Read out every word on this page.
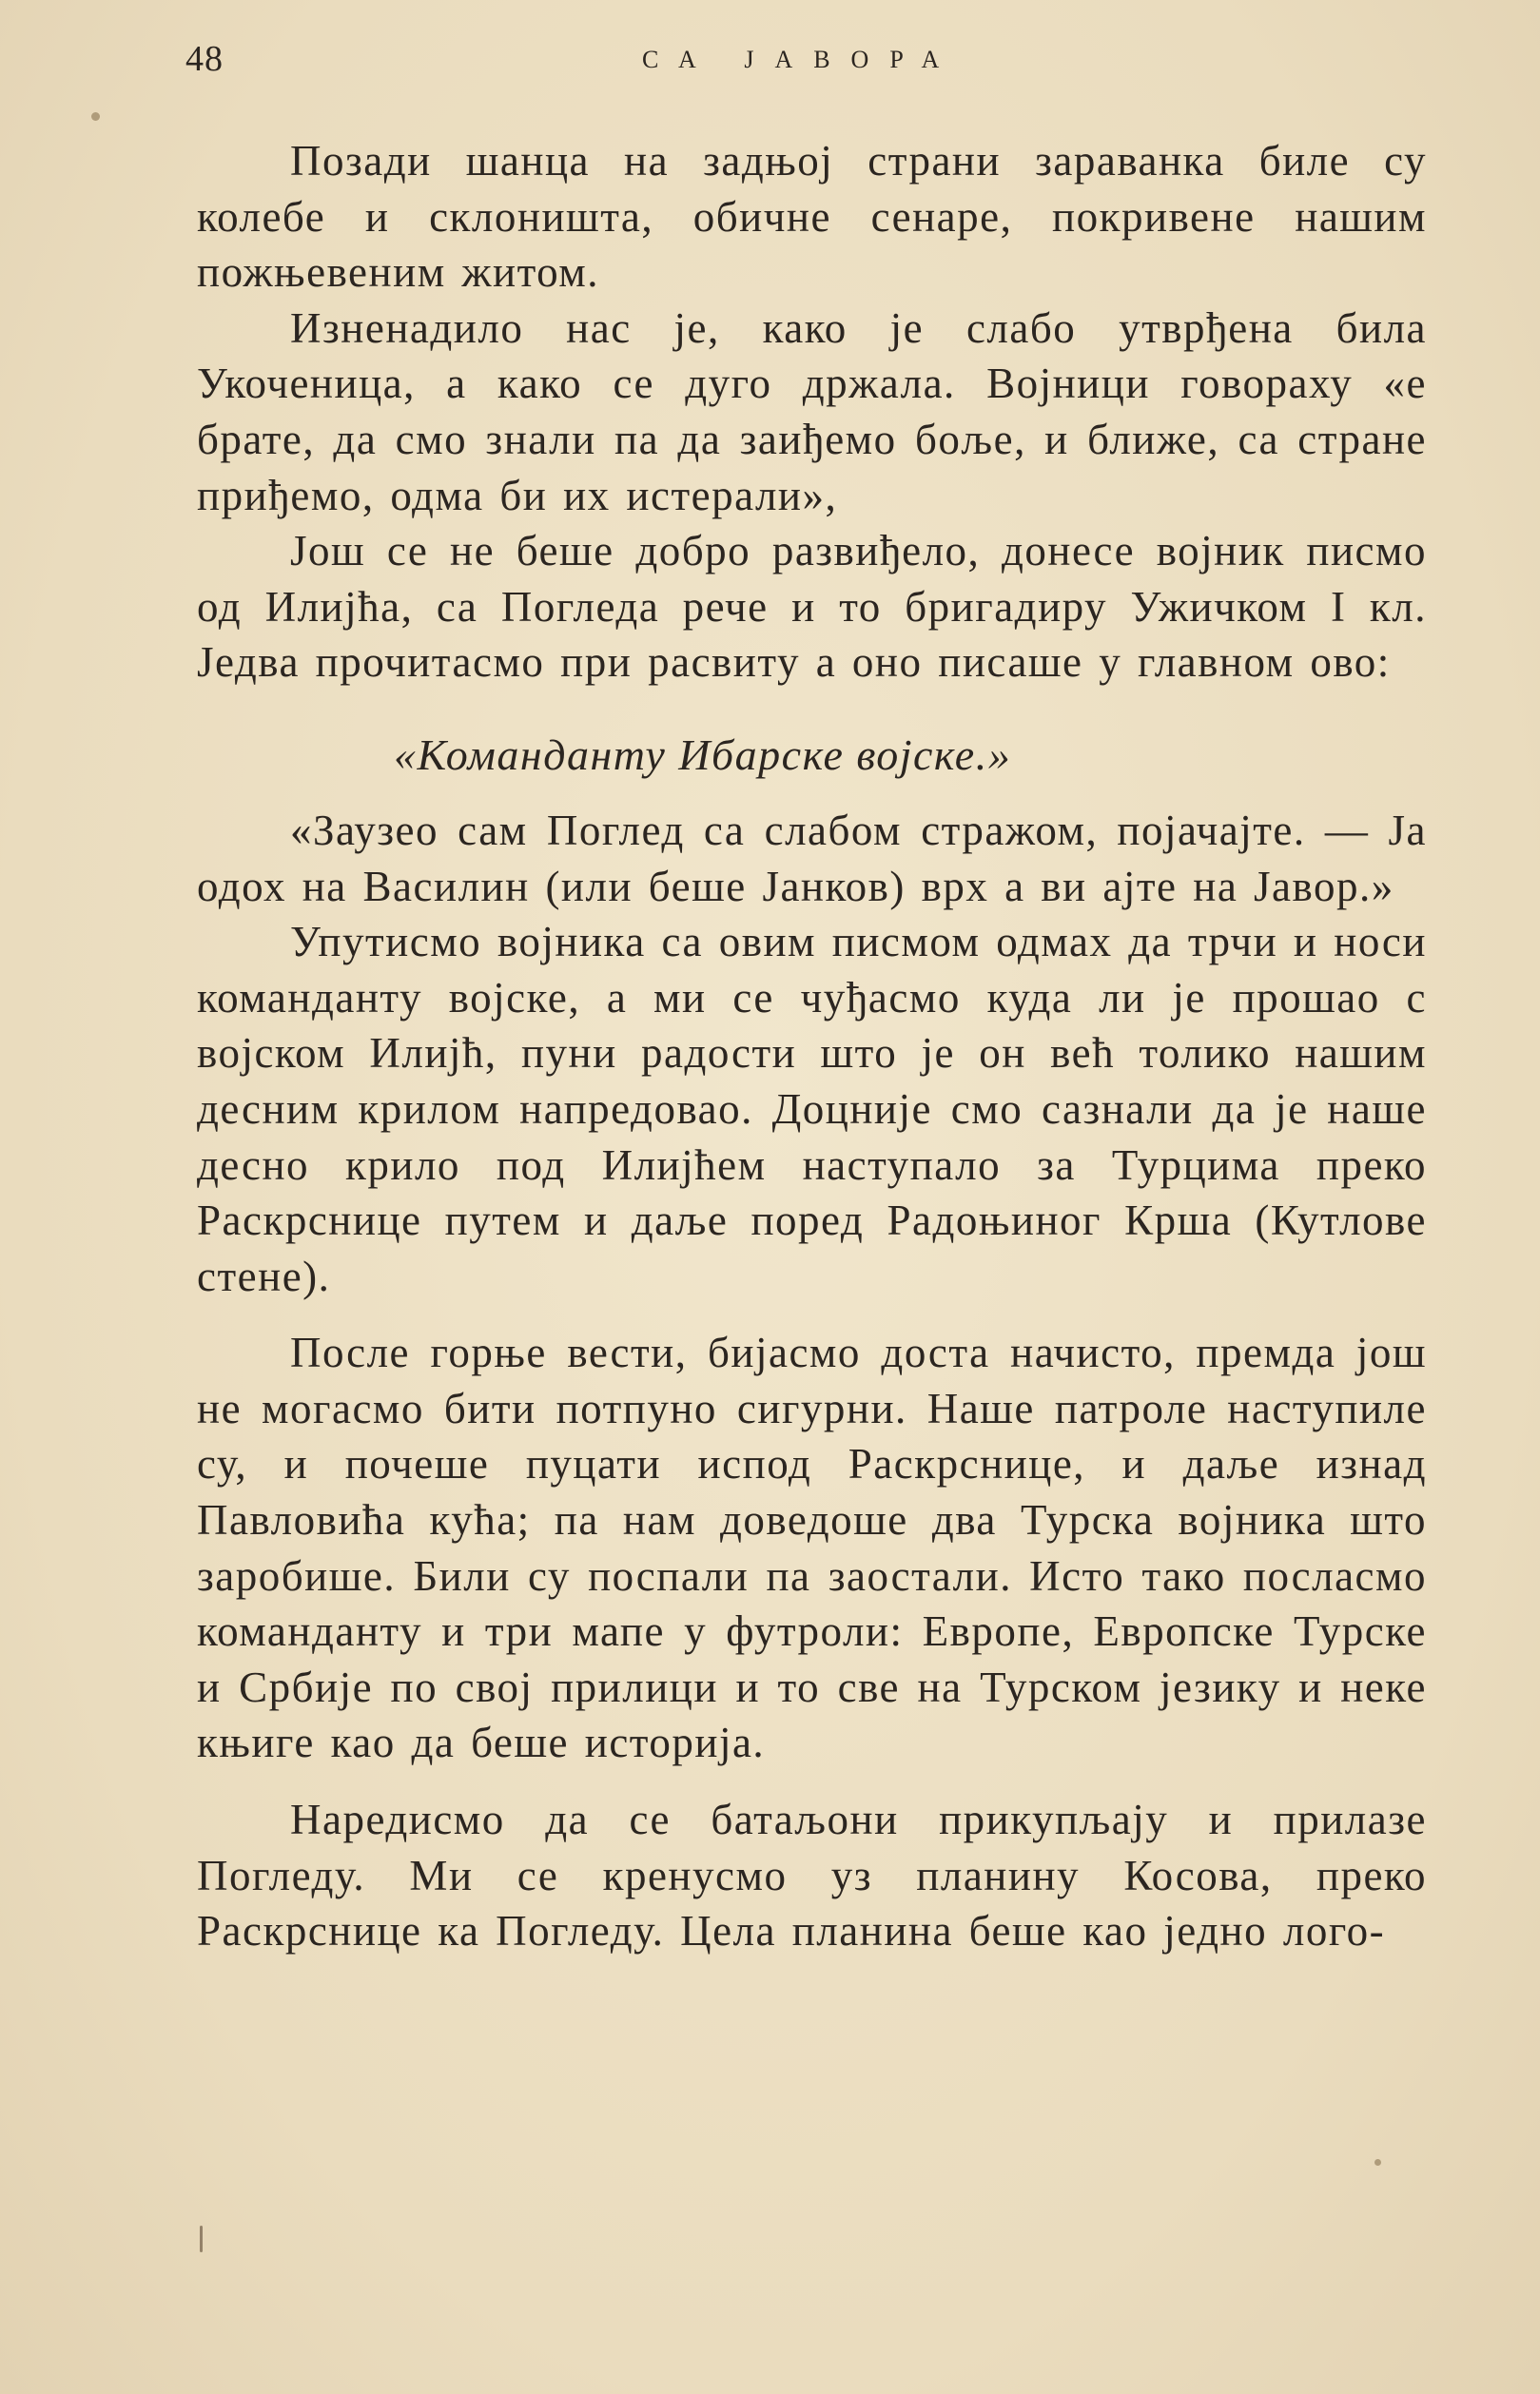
48	СА ЈАВОРА

Позади шанца на задњој страни зараванка биле су колебе и склоништа, обичне сенаре, покривене нашим пожњевеним житом.

Изненадило нас је, како је слабо утврђена била Укоченица, а како се дуго држала. Војници говораху «е брате, да смо знали па да заиђемо боље, и ближе, са стране приђемо, одма би их истерали»,

Још се не беше добро развиђело, донесе војник писмо од Илијћа, са Погледа рече и то бригадиру Ужичком I кл. Једва прочитасмо при расвиту а оно писаше у главном ово:

«Команданту Ибарске војске.»

«Заузео сам Поглед са слабом стражом, појачајте. — Ја одох на Василин (или беше Јанков) врх а ви ајте на Јавор.»

Упутисмо војника са овим писмом одмах да трчи и носи команданту војске, а ми се чуђасмо куда ли је прошао с војском Илијћ, пуни радости што је он већ толико нашим десним крилом напредовао. Доцније смо сазнали да је наше десно крило под Илијћем наступало за Турцима преко Раскрснице путем и даље поред Радоњиног Крша (Кутлове стене).

После горње вести, бијасмо доста начисто, премда још не могасмо бити потпуно сигурни. Наше патроле наступиле су, и почеше пуцати испод Раскрснице, и даље изнад Павловића кућа; па нам доведоше два Турска војника што заробише. Били су поспали па заостали. Исто тако посласмо команданту и три мапе у футроли: Европе, Европске Турске и Србије по свој прилици и то све на Турском језику и неке књиге као да беше историја.

Наредисмо да се батаљони прикупљају и прилазе Погледу. Ми се кренусмо уз планину Косова, преко Раскрснице ка Погледу. Цела планина беше као једно лого-
